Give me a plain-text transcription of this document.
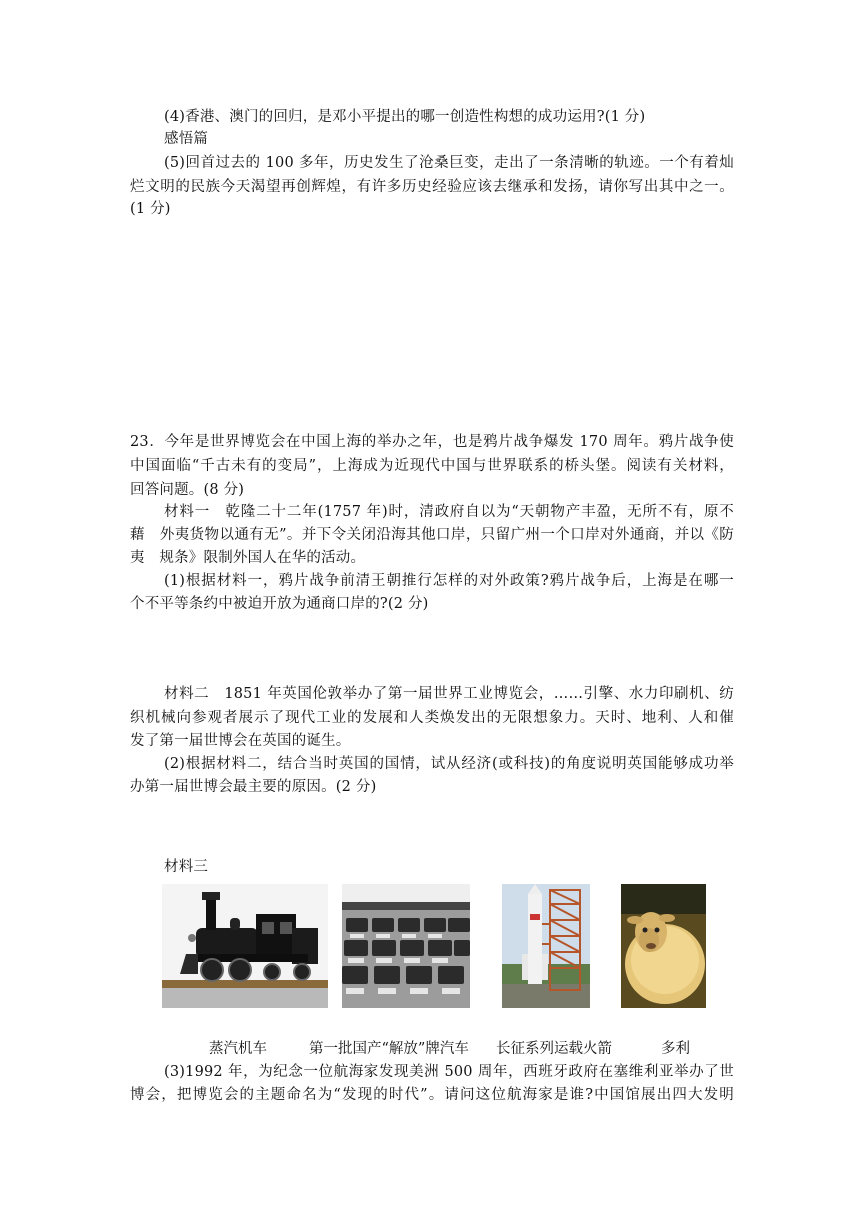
(4)香港、澳门的回归，是邓小平提出的哪一创造性构想的成功运用?(1 分)
感悟篇
(5)回首过去的 100 多年，历史发生了沧桑巨变，走出了一条清晰的轨迹。一个有着灿
烂文明的民族今天渴望再创辉煌，有许多历史经验应该去继承和发扬，请你写出其中之一。
(1 分)
23．今年是世界博览会在中国上海的举办之年，也是鸦片战争爆发 170 周年。鸦片战争使
中国面临“千古未有的变局”，上海成为近现代中国与世界联系的桥头堡。阅读有关材料，
回答问题。(8 分)
材料一　乾隆二十二年(1757 年)时，清政府自以为“天朝物产丰盈，无所不有，原不
藉　外夷货物以通有无”。并下令关闭沿海其他口岸，只留广州一个口岸对外通商，并以《防
夷　规条》限制外国人在华的活动。
(1)根据材料一，鸦片战争前清王朝推行怎样的对外政策?鸦片战争后，上海是在哪一
个不平等条约中被迫开放为通商口岸的?(2 分)
材料二　1851 年英国伦敦举办了第一届世界工业博览会，……引擎、水力印刷机、纺
织机械向参观者展示了现代工业的发展和人类焕发出的无限想象力。天时、地利、人和催
发了第一届世博会在英国的诞生。
(2)根据材料二，结合当时英国的国情，试从经济(或科技)的角度说明英国能够成功举
办第一届世博会最主要的原因。(2 分)
材料三
蒸汽机车	第一批国产“解放”牌汽车 长征系列运载火箭	多利
(3)1992 年，为纪念一位航海家发现美洲 500 周年，西班牙政府在塞维利亚举办了世
博会，把博览会的主题命名为“发现的时代”。请问这位航海家是谁?中国馆展出四大发明
